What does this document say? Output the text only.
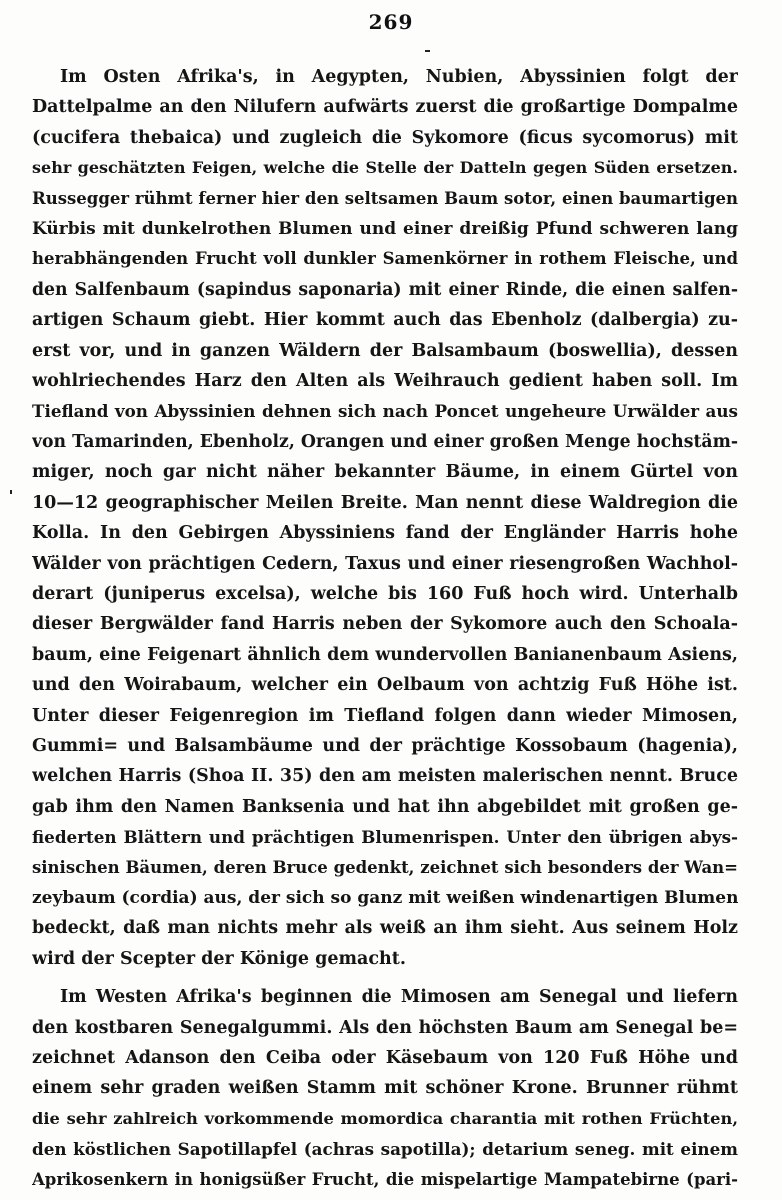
269
Im Osten Afrika's, in Aegypten, Nubien, Abyssinien folgt der
Dattelpalme an den Nilufern aufwärts zuerst die großartige Dompalme
(cucifera thebaica) und zugleich die Sykomore (ficus sycomorus) mit
sehr geschätzten Feigen, welche die Stelle der Datteln gegen Süden ersetzen.
Russegger rühmt ferner hier den seltsamen Baum sotor, einen baumartigen
Kürbis mit dunkelrothen Blumen und einer dreißig Pfund schweren lang
herabhängenden Frucht voll dunkler Samenkörner in rothem Fleische, und
den Salfenbaum (sapindus saponaria) mit einer Rinde, die einen salfen-
artigen Schaum giebt. Hier kommt auch das Ebenholz (dalbergia) zu-
erst vor, und in ganzen Wäldern der Balsambaum (boswellia), dessen
wohlriechendes Harz den Alten als Weihrauch gedient haben soll. Im
Tiefland von Abyssinien dehnen sich nach Poncet ungeheure Urwälder aus
von Tamarinden, Ebenholz, Orangen und einer großen Menge hochstäm-
miger, noch gar nicht näher bekannter Bäume, in einem Gürtel von
10—12 geographischer Meilen Breite. Man nennt diese Waldregion die
Kolla. In den Gebirgen Abyssiniens fand der Engländer Harris hohe
Wälder von prächtigen Cedern, Taxus und einer riesengroßen Wachhol-
derart (juniperus excelsa), welche bis 160 Fuß hoch wird. Unterhalb
dieser Bergwälder fand Harris neben der Sykomore auch den Schoala-
baum, eine Feigenart ähnlich dem wundervollen Banianenbaum Asiens,
und den Woirabaum, welcher ein Oelbaum von achtzig Fuß Höhe ist.
Unter dieser Feigenregion im Tiefland folgen dann wieder Mimosen,
Gummi= und Balsambäume und der prächtige Kossobaum (hagenia),
welchen Harris (Shoa II. 35) den am meisten malerischen nennt. Bruce
gab ihm den Namen Banksenia und hat ihn abgebildet mit großen ge-
fiederten Blättern und prächtigen Blumenrispen. Unter den übrigen abys-
sinischen Bäumen, deren Bruce gedenkt, zeichnet sich besonders der Wan=
zeybaum (cordia) aus, der sich so ganz mit weißen windenartigen Blumen
bedeckt, daß man nichts mehr als weiß an ihm sieht. Aus seinem Holz
wird der Scepter der Könige gemacht.
Im Westen Afrika's beginnen die Mimosen am Senegal und liefern
den kostbaren Senegalgummi. Als den höchsten Baum am Senegal be=
zeichnet Adanson den Ceiba oder Käsebaum von 120 Fuß Höhe und
einem sehr graden weißen Stamm mit schöner Krone. Brunner rühmt
die sehr zahlreich vorkommende momordica charantia mit rothen Früchten,
den köstlichen Sapotillapfel (achras sapotilla); detarium seneg. mit einem
Aprikosenkern in honigsüßer Frucht, die mispelartige Mampatebirne (pari-
